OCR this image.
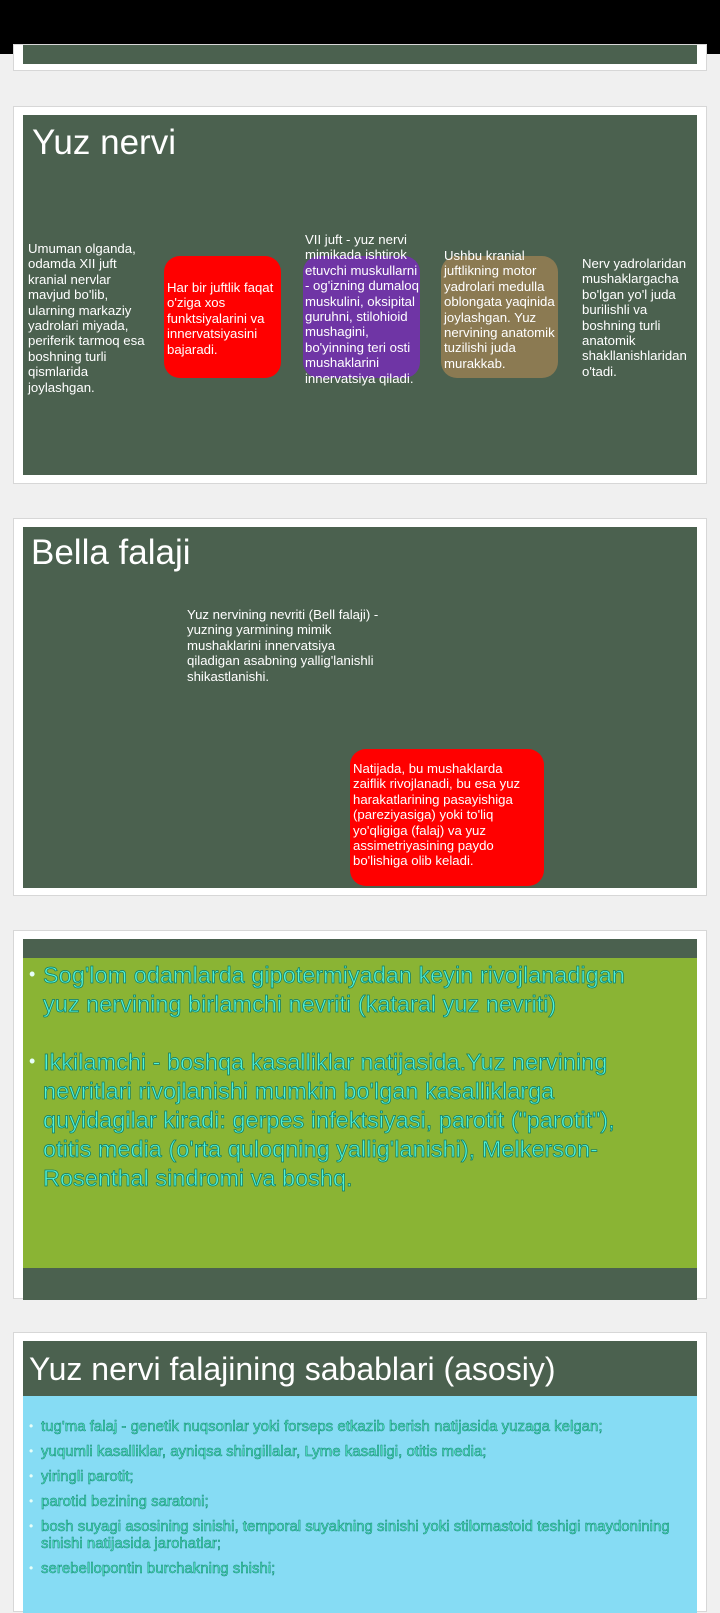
Yuz nervi
Umuman olganda, odamda XII juft kranial nervlar mavjud bo'lib, ularning markaziy yadrolari miyada, periferik tarmoq esa boshning turli qismlarida joylashgan.
Har bir juftlik faqat o'ziga xos funktsiyalarini va innervatsiyasini bajaradi.
VII juft - yuz nervi mimikada ishtirok etuvchi muskullarni - og'izning dumaloq muskulini, oksipital guruhni, stilohioid mushagini, bo'yinning teri osti mushaklarini innervatsiya qiladi.
Ushbu kranial juftlikning motor yadrolari medulla oblongata yaqinida joylashgan. Yuz nervining anatomik tuzilishi juda murakkab.
Nerv yadrolaridan mushaklargacha bo'lgan yo'l juda burilishli va boshning turli anatomik shakllanishlaridan o'tadi.
Bella falaji
Yuz nervining nevriti (Bell falaji) - yuzning yarmining mimik mushaklarini innervatsiya qiladigan asabning yallig'lanishli shikastlanishi.
Natijada, bu mushaklarda zaiflik rivojlanadi, bu esa yuz harakatlarining pasayishiga (pareziyasiga) yoki to'liq yo'qligiga (falaj) va yuz assimetriyasining paydo bo'lishiga olib keladi.
• Sog'lom odamlarda gipotermiyadan keyin rivojlanadigan yuz nervining birlamchi nevriti (kataral yuz nevriti)
• Ikkilamchi - boshqa kasalliklar natijasida.Yuz nervining nevritlari rivojlanishi mumkin bo'lgan kasalliklarga quyidagilar kiradi: gerpes infektsiyasi, parotit ("parotit"), otitis media (o'rta quloqning yallig'lanishi), Melkerson-Rosenthal sindromi va boshq.
Yuz nervi falajining sabablari (asosiy)
• tug'ma falaj - genetik nuqsonlar yoki forseps etkazib berish natijasida yuzaga kelgan;
• yuqumli kasalliklar, ayniqsa shingillalar, Lyme kasalligi, otitis media;
• yiringli parotit;
• parotid bezining saratoni;
• bosh suyagi asosining sinishi, temporal suyakning sinishi yoki stilomastoid teshigi maydonining sinishi natijasida jarohatlar;
• serebellopontin burchakning shishi;
